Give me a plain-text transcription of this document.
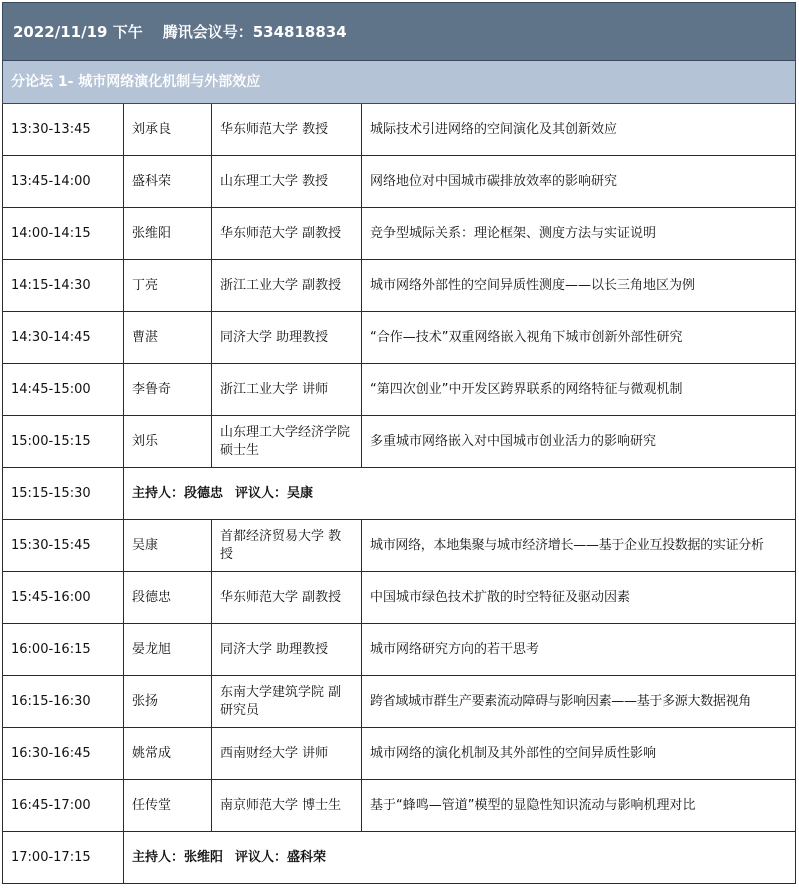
2022/11/19 下午 腾讯会议号：534818834			
分论坛 1- 城市网络演化机制与外部效应			
13:30-13:45	刘承良	华东师范大学 教授	城际技术引进网络的空间演化及其创新效应
13:45-14:00	盛科荣	山东理工大学 教授	网络地位对中国城市碳排放效率的影响研究
14:00-14:15	张维阳	华东师范大学 副教授	竞争型城际关系：理论框架、测度方法与实证说明
14:15-14:30	丁亮	浙江工业大学 副教授	城市网络外部性的空间异质性测度——以长三角地区为例
14:30-14:45	曹湛	同济大学 助理教授	“合作—技术”双重网络嵌入视角下城市创新外部性研究
14:45-15:00	李鲁奇	浙江工业大学 讲师	“第四次创业”中开发区跨界联系的网络特征与微观机制
15:00-15:15	刘乐	山东理工大学经济学院 硕士生	多重城市网络嵌入对中国城市创业活力的影响研究
15:15-15:30	主持人：段德忠 评议人：吴康		
15:30-15:45	吴康	首都经济贸易大学 教授	城市网络，本地集聚与城市经济增长——基于企业互投数据的实证分析
15:45-16:00	段德忠	华东师范大学 副教授	中国城市绿色技术扩散的时空特征及驱动因素
16:00-16:15	晏龙旭	同济大学 助理教授	城市网络研究方向的若干思考
16:15-16:30	张扬	东南大学建筑学院 副研究员	跨省域城市群生产要素流动障碍与影响因素——基于多源大数据视角
16:30-16:45	姚常成	西南财经大学 讲师	城市网络的演化机制及其外部性的空间异质性影响
16:45-17:00	任传堂	南京师范大学 博士生	基于“蜂鸣—管道”模型的显隐性知识流动与影响机理对比
17:00-17:15	主持人：张维阳 评议人：盛科荣		
